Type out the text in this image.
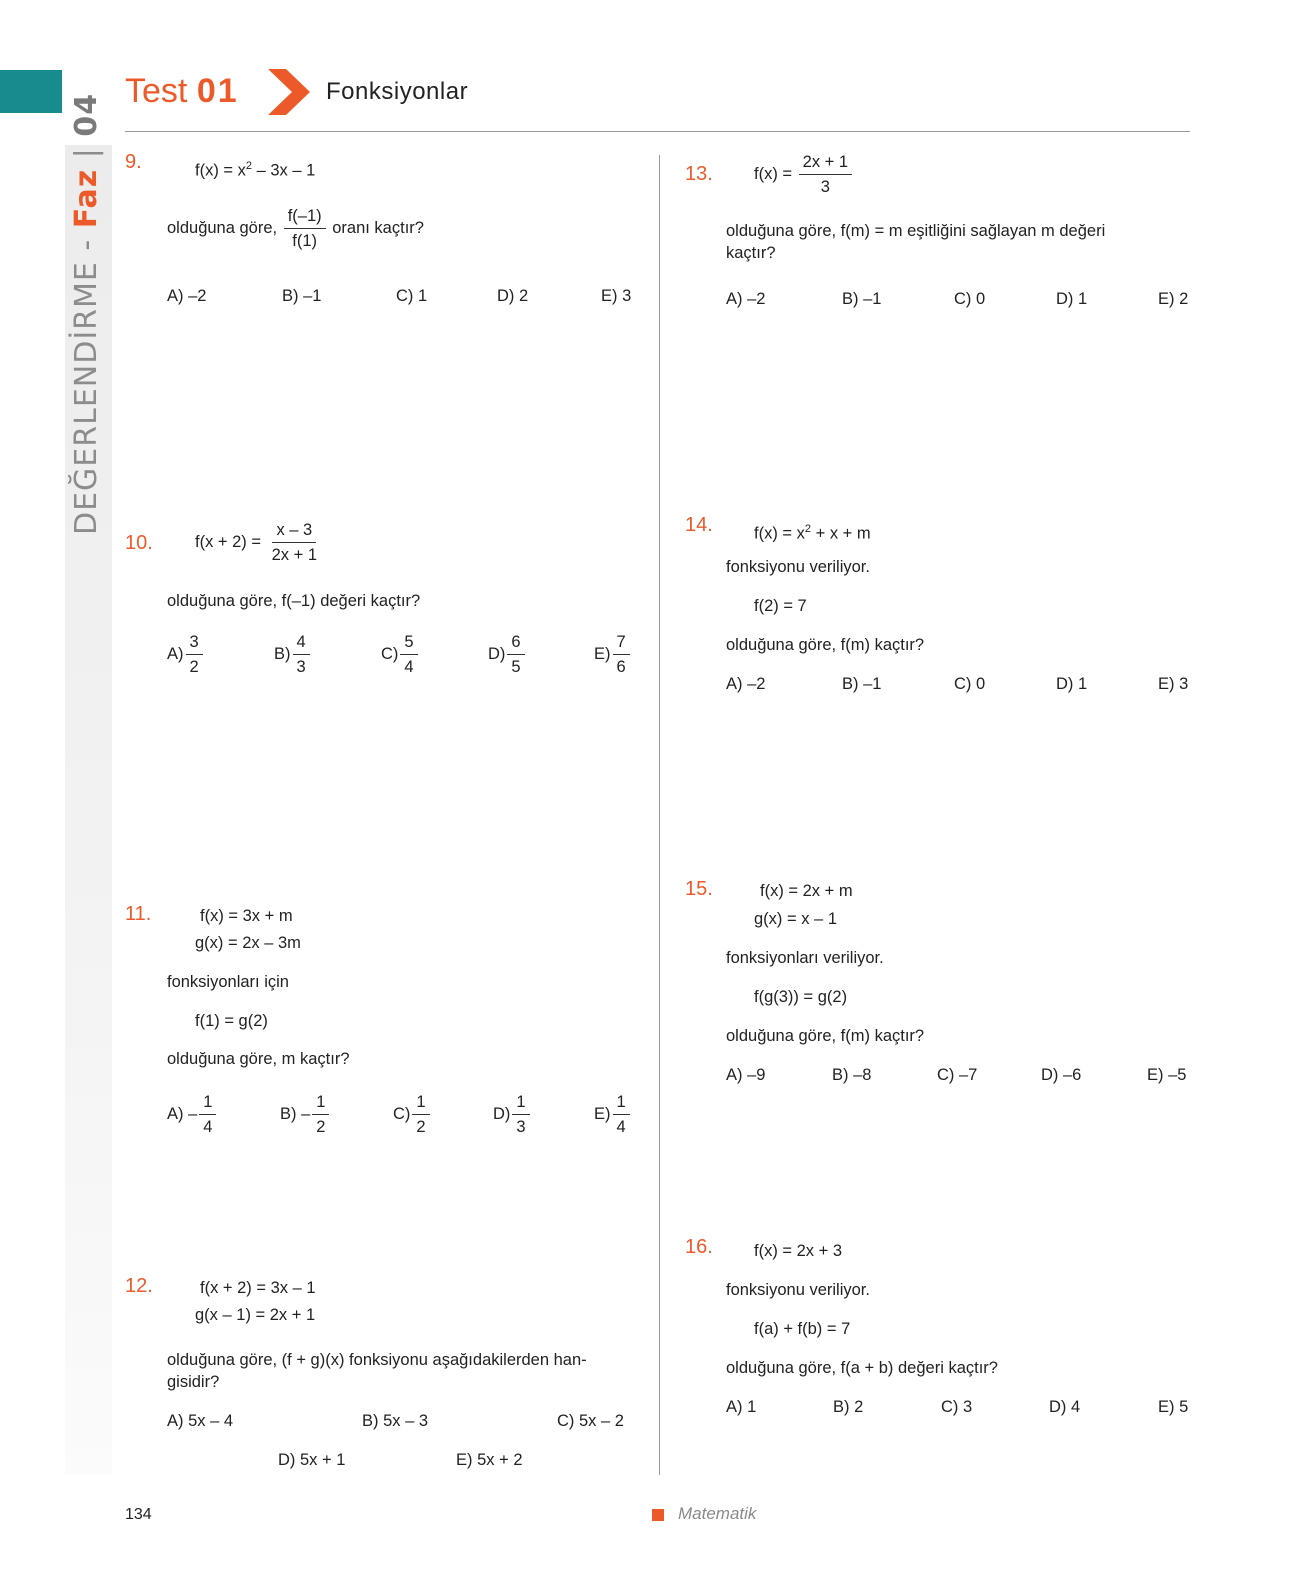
DEĞERLENDİRME - Faz | 04
Test 01	Fonksiyonlar
9.	$f(x) = x^2 - 3x - 1$
olduğuna göre, $\frac{f(-1)}{f(1)}$ oranı kaçtır?
A) –2	B) –1	C) 1	D) 2	E) 3
10.	$f(x + 2) = \frac{x - 3}{2x + 1}$
olduğuna göre, f(–1) değeri kaçtır?
$A) \frac{3}{2}$	$B) \frac{4}{3}$	$C) \frac{5}{4}$	$D) \frac{6}{5}$	$E) \frac{7}{6}$
11.	f(x) = 3x + m
g(x) = 2x – 3m
fonksiyonları için
f(1) = g(2)
olduğuna göre, m kaçtır?
$A) - \frac{1}{4}$	$B) - \frac{1}{2}$	$C) \frac{1}{2}$	$D) \frac{1}{3}$	$E) \frac{1}{4}$
12.	f(x + 2) = 3x – 1
g(x – 1) = 2x + 1
olduğuna göre, (f + g)(x) fonksiyonu aşağıdakilerden han-
gisidir?
A) 5x – 4	B) 5x – 3	C) 5x – 2
D) 5x + 1	E) 5x + 2
13. $f(x) = \frac{2x + 1}{3}$
olduğuna göre, f(m) = m eşitliğini sağlayan m değeri
kaçtır?
A) –2	B) –1	C) 0	D) 1	E) 2
14. $f(x) = x^2 + x + m$
fonksiyonu veriliyor.
f(2) = 7
olduğuna göre, f(m) kaçtır?
A) –2	B) –1	C) 0	D) 1	E) 3
15.	f(x) = 2x + m
g(x) = x – 1
fonksiyonları veriliyor.
f(g(3)) = g(2)
olduğuna göre, f(m) kaçtır?
A) –9	B) –8	C) –7	D) –6	E) –5
16. f(x) = 2x + 3
fonksiyonu veriliyor.
f(a) + f(b) = 7
olduğuna göre, f(a + b) değeri kaçtır?
A) 1	B) 2	C) 3	D) 4	E) 5
134	Matematik
